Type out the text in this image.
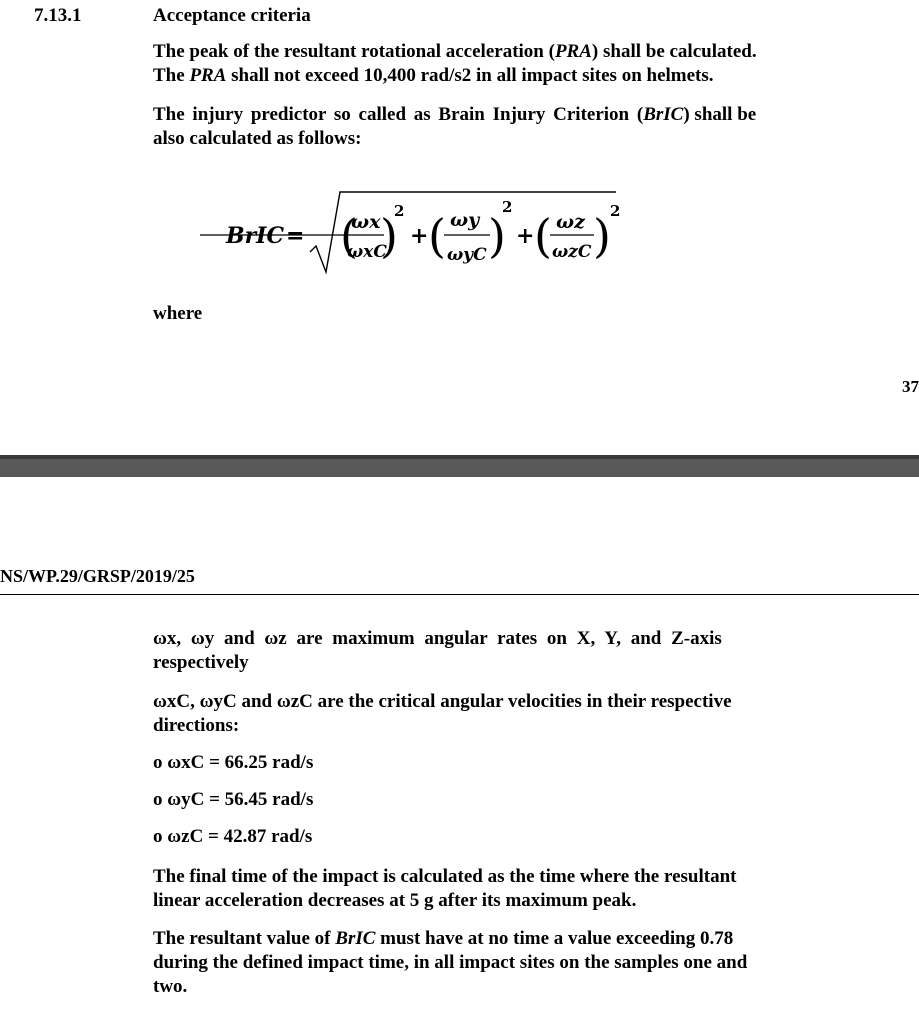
7.13.1	Acceptance criteria
The peak of the resultant rotational acceleration (PRA) shall be calculated.
The PRA shall not exceed 10,400 rad/s2 in all impact sites on helmets.
The injury predictor so called as Brain Injury Criterion ( BrIC) shall be
also calculated as follows:
BrIC = (
ωx
ωxC
)
2
+ ( ωy
ωyC )
2
+ ( ωz
ωzC ) 2
where
37
NS/WP.29/GRSP/2019/25
ωx, ωy and ωz are maximum angular rates on X, Y, and Z-axis
respectively
ωxC, ωyC and ωzC are the critical angular velocities in their respective
directions:
o ωxC = 66.25 rad/s
o ωyC = 56.45 rad/s
o ωzC = 42.87 rad/s
The final time of the impact is calculated as the time where the resultant
linear acceleration decreases at 5 g after its maximum peak.
The resultant value of BrIC must have at no time a value exceeding 0.78
during the defined impact time, in all impact sites on the samples one and
two.
